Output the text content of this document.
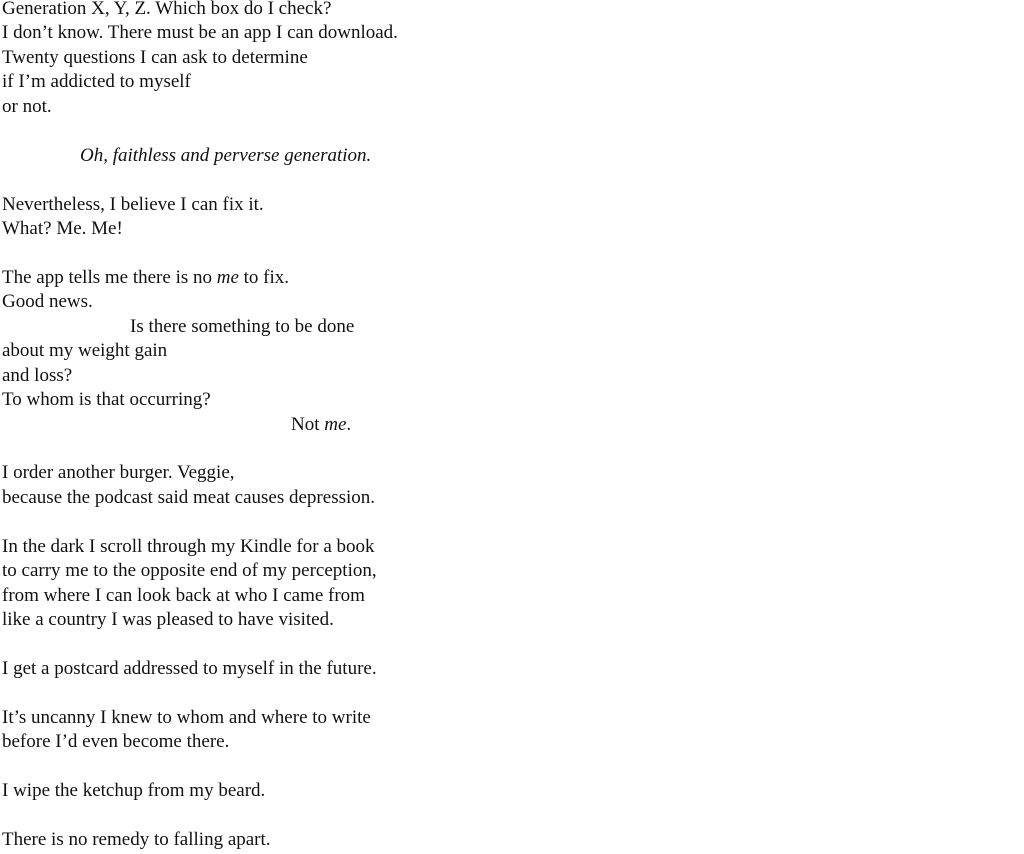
Generation X, Y, Z. Which box do I check?
I don’t know. There must be an app I can download.
Twenty questions I can ask to determine
if I’m addicted to myself
or not.
Oh, faithless and perverse generation.
Nevertheless, I believe I can fix it.
What? Me. Me!
The app tells me there is no me to fix.
Good news.
Is there something to be done
about my weight gain
and loss?
To whom is that occurring?
Not me.
I order another burger. Veggie,
because the podcast said meat causes depression.
In the dark I scroll through my Kindle for a book
to carry me to the opposite end of my perception,
from where I can look back at who I came from
like a country I was pleased to have visited.
I get a postcard addressed to myself in the future.
It’s uncanny I knew to whom and where to write
before I’d even become there.
I wipe the ketchup from my beard.
There is no remedy to falling apart.
